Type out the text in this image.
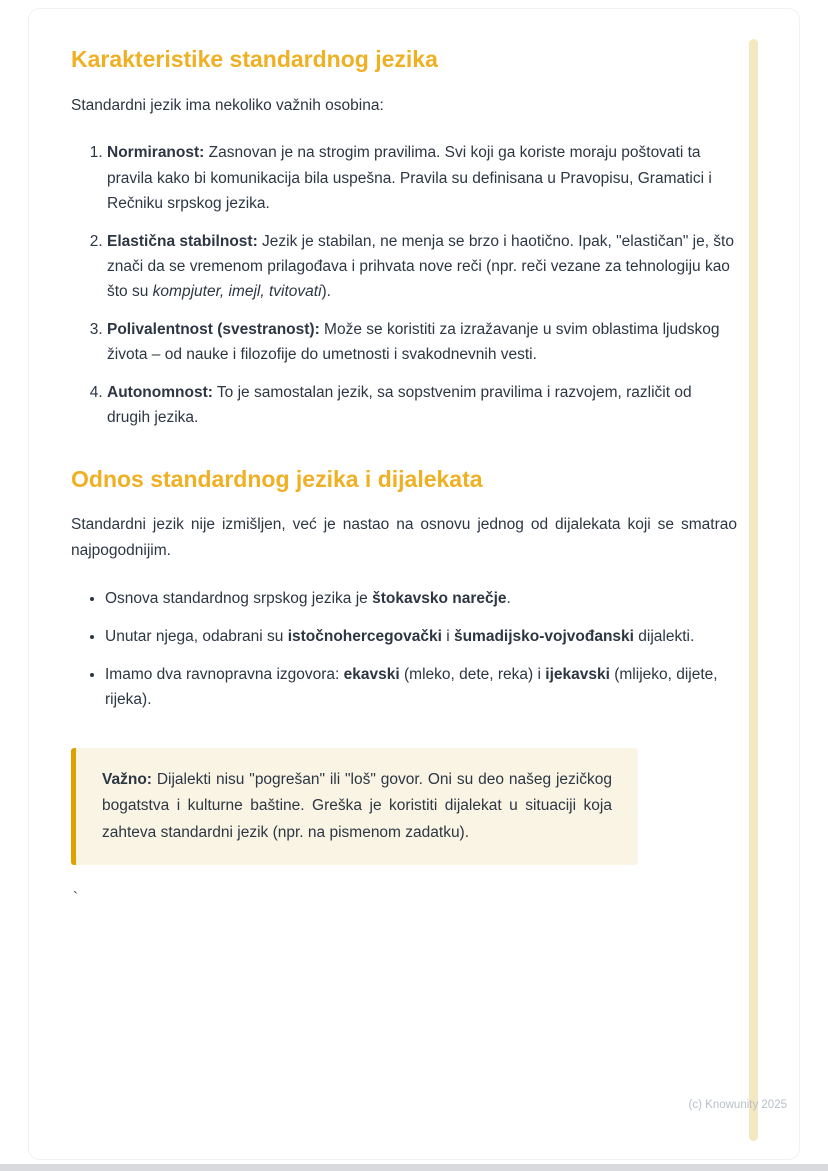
Karakteristike standardnog jezika

Standardni jezik ima nekoliko važnih osobina:

1. Normiranost: Zasnovan je na strogim pravilima. Svi koji ga koriste moraju poštovati ta pravila kako bi komunikacija bila uspešna. Pravila su definisana u Pravopisu, Gramatici i Rečniku srpskog jezika.
2. Elastična stabilnost: Jezik je stabilan, ne menja se brzo i haotično. Ipak, "elastičan" je, što znači da se vremenom prilagođava i prihvata nove reči (npr. reči vezane za tehnologiju kao što su kompjuter, imejl, tvitovati).
3. Polivalentnost (svestranost): Može se koristiti za izražavanje u svim oblastima ljudskog života – od nauke i filozofije do umetnosti i svakodnevnih vesti.
4. Autonomnost: To je samostalan jezik, sa sopstvenim pravilima i razvojem, različit od drugih jezika.
Odnos standardnog jezika i dijalekata

Standardni jezik nije izmišljen, već je nastao na osnovu jednog od dijalekata koji se smatrao najpogodnijim.

• Osnova standardnog srpskog jezika je štokavsko narečje.
• Unutar njega, odabrani su istočnohercegovački i šumadijsko-vojvođanski dijalekti.
• Imamo dva ravnopravna izgovora: ekavski (mleko, dete, reka) i ijekavski (mlijeko, dijete, rijeka).

Važno: Dijalekti nisu "pogrešan" ili "loš" govor. Oni su deo našeg jezičkog bogatstva i kulturne baštine. Greška je koristiti dijalekat u situaciji koja zahteva standardni jezik (npr. na pismenom zadatku).

`
(c) Knowunity 2025
